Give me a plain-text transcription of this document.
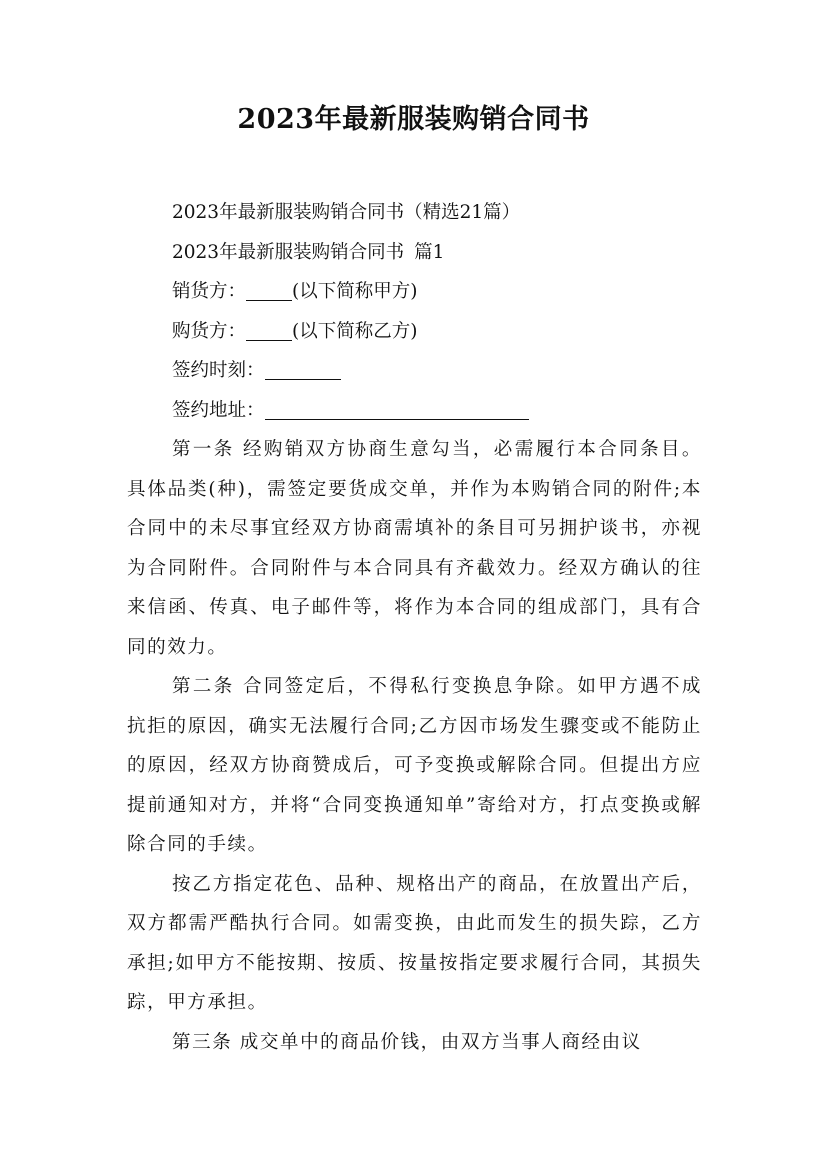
2023年最新服装购销合同书

2023年最新服装购销合同书（精选21篇）

2023年最新服装购销合同书 篇1

销货方： (以下简称甲方)

购货方： (以下简称乙方)

签约时刻：

签约地址：

第一条 经购销双方协商生意勾当，必需履行本合同条目。具体品类(种)，需签定要货成交单，并作为本购销合同的附件;本合同中的未尽事宜经双方协商需填补的条目可另拥护谈书，亦视为合同附件。合同附件与本合同具有齐截效力。经双方确认的往来信函、传真、电子邮件等，将作为本合同的组成部门，具有合同的效力。

第二条 合同签定后，不得私行变换息争除。如甲方遇不成抗拒的原因，确实无法履行合同;乙方因市场发生骤变或不能防止的原因，经双方协商赞成后，可予变换或解除合同。但提出方应提前通知对方，并将“合同变换通知单”寄给对方，打点变换或解除合同的手续。

按乙方指定花色、品种、规格出产的商品，在放置出产后，双方都需严酷执行合同。如需变换，由此而发生的损失踪，乙方承担;如甲方不能按期、按质、按量按指定要求履行合同，其损失踪，甲方承担。

第三条 成交单中的商品价钱，由双方当事人商经由议
